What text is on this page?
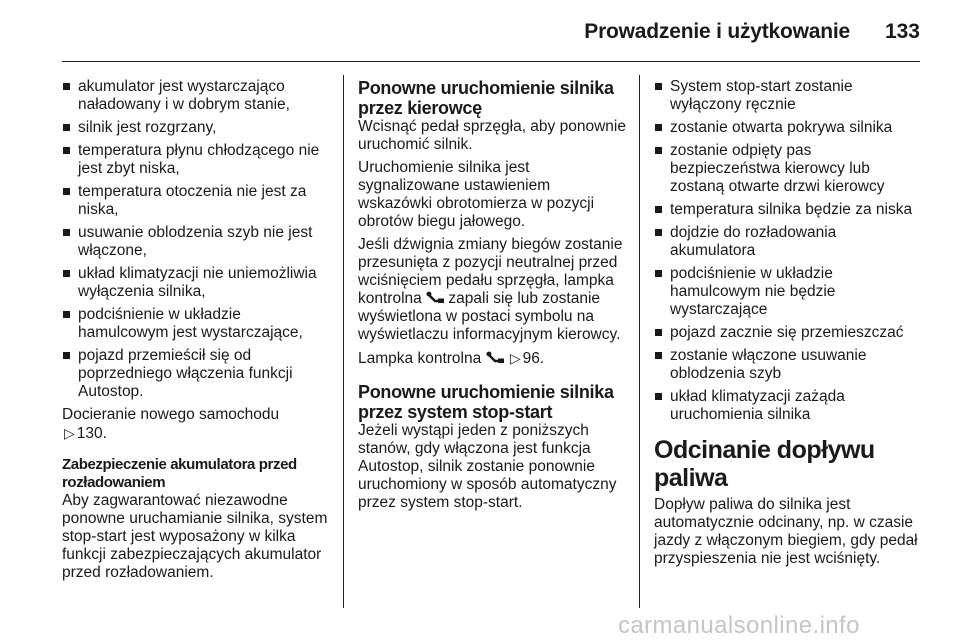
Prowadzenie i użytkowanie	133
akumulator jest wystarczająco naładowany i w dobrym stanie,
silnik jest rozgrzany,
temperatura płynu chłodzącego nie jest zbyt niska,
temperatura otoczenia nie jest za niska,
usuwanie oblodzenia szyb nie jest włączone,
układ klimatyzacji nie uniemożliwia wyłączenia silnika,
podciśnienie w układzie hamulcowym jest wystarczające,
pojazd przemieścił się od poprzedniego włączenia funkcji Autostop.

Docieranie nowego samochodu
▷ 130.

Zabezpieczenie akumulatora przed rozładowaniem

Aby zagwarantować niezawodne ponowne uruchamianie silnika, system stop-start jest wyposażony w kilka funkcji zabezpieczających akumulator przed rozładowaniem.

Ponowne uruchomienie silnika przez kierowcę

Wcisnąć pedał sprzęgła, aby ponownie uruchomić silnik.

Uruchomienie silnika jest sygnalizowane ustawieniem wskazówki obrotomierza w pozycji obrotów biegu jałowego.

Jeśli dźwignia zmiany biegów zostanie przesunięta z pozycji neutralnej przed wciśnięciem pedału sprzęgła, lampka kontrolna zapali się lub zostanie wyświetlona w postaci symbolu na wyświetlaczu informacyjnym kierowcy.

Lampka kontrolna ▷ 96.

Ponowne uruchomienie silnika przez system stop-start

Jeżeli wystąpi jeden z poniższych stanów, gdy włączona jest funkcja Autostop, silnik zostanie ponownie uruchomiony w sposób automatyczny przez system stop-start.

System stop-start zostanie wyłączony ręcznie
zostanie otwarta pokrywa silnika
zostanie odpięty pas bezpieczeństwa kierowcy lub zostaną otwarte drzwi kierowcy
temperatura silnika będzie za niska
dojdzie do rozładowania akumulatora
podciśnienie w układzie hamulcowym nie będzie wystarczające
pojazd zacznie się przemieszczać
zostanie włączone usuwanie oblodzenia szyb
układ klimatyzacji zażąda uruchomienia silnika
Odcinanie dopływu paliwa

Dopływ paliwa do silnika jest automatycznie odcinany, np. w czasie jazdy z włączonym biegiem, gdy pedał przyspieszenia nie jest wciśnięty.

carmanualsonline.info
